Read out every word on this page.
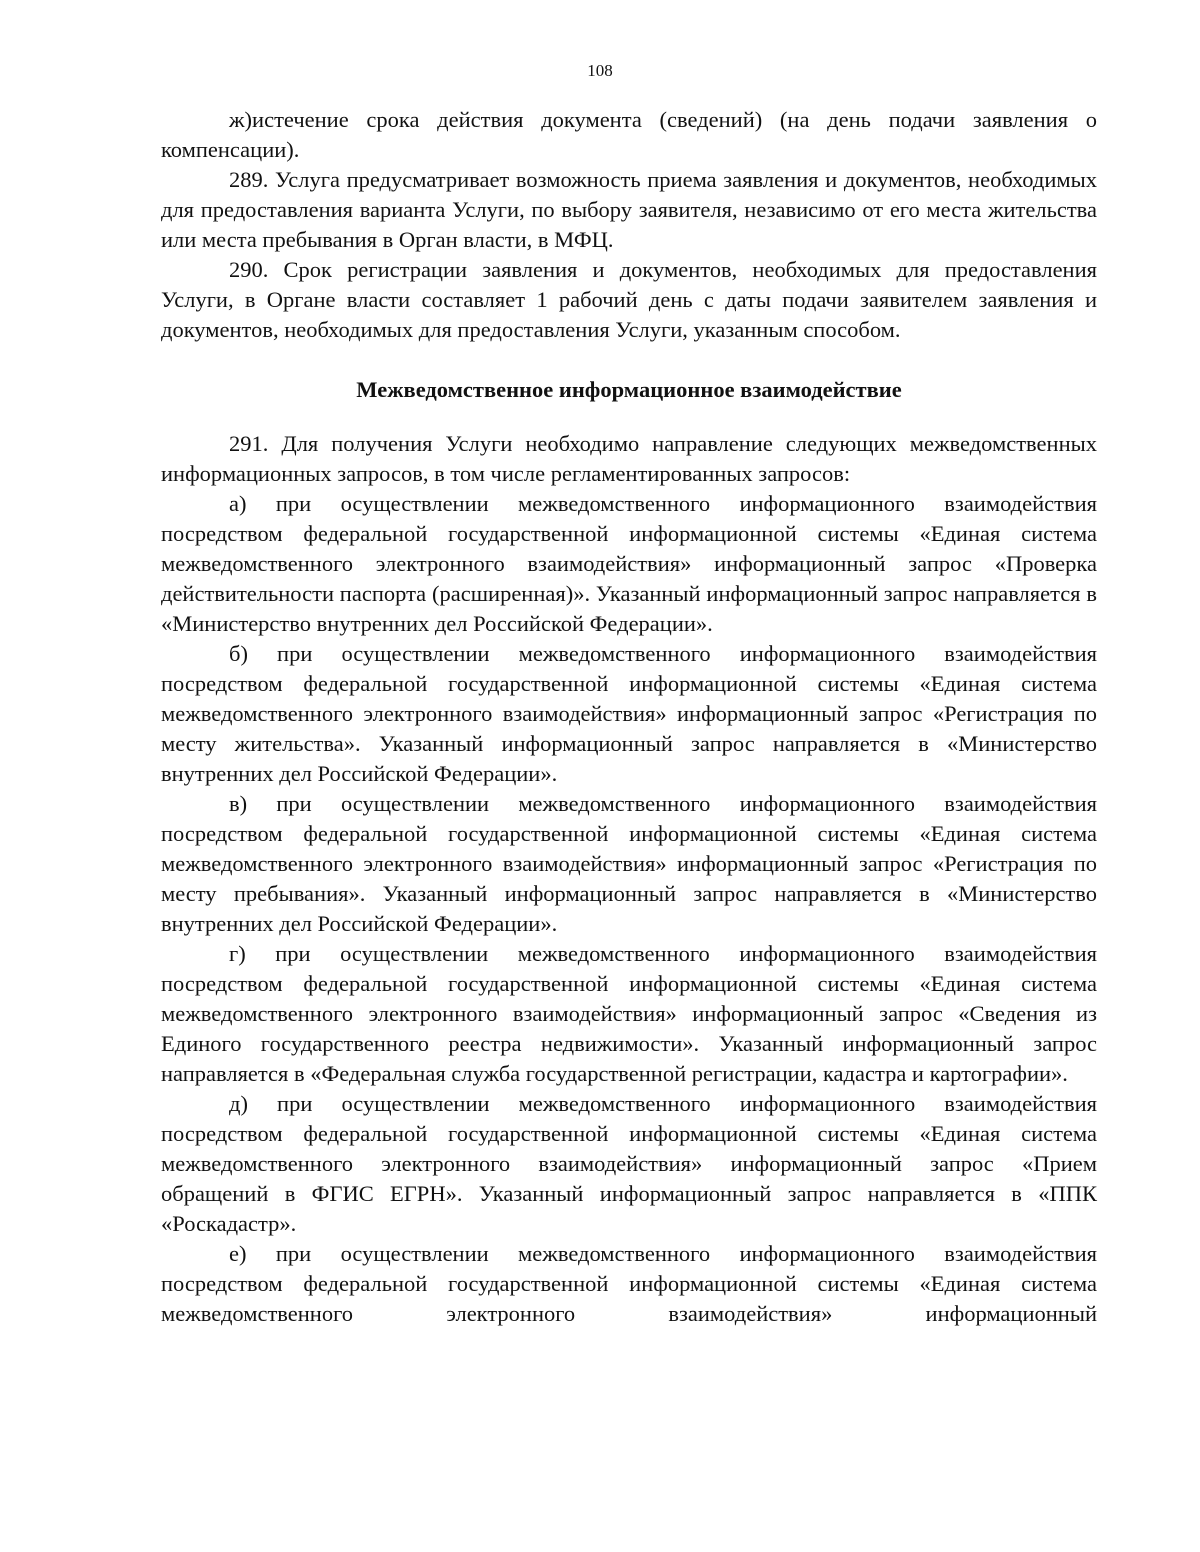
108

ж)истечение срока действия документа (сведений) (на день подачи заявления о компенсации).

289. Услуга предусматривает возможность приема заявления и документов, необходимых для предоставления варианта Услуги, по выбору заявителя, независимо от его места жительства или места пребывания в Орган власти, в МФЦ.

290. Срок регистрации заявления и документов, необходимых для предоставления Услуги, в Органе власти составляет 1 рабочий день с даты подачи заявителем заявления и документов, необходимых для предоставления Услуги, указанным способом.

Межведомственное информационное взаимодействие

291. Для получения Услуги необходимо направление следующих межведомственных информационных запросов, в том числе регламентированных запросов:

а) при осуществлении межведомственного информационного взаимодействия посредством федеральной государственной информационной системы «Единая система межведомственного электронного взаимодействия» информационный запрос «Проверка действительности паспорта (расширенная)». Указанный информационный запрос направляется в «Министерство внутренних дел Российской Федерации».

б) при осуществлении межведомственного информационного взаимодействия посредством федеральной государственной информационной системы «Единая система межведомственного электронного взаимодействия» информационный запрос «Регистрация по месту жительства». Указанный информационный запрос направляется в «Министерство внутренних дел Российской Федерации».

в) при осуществлении межведомственного информационного взаимодействия посредством федеральной государственной информационной системы «Единая система межведомственного электронного взаимодействия» информационный запрос «Регистрация по месту пребывания». Указанный информационный запрос направляется в «Министерство внутренних дел Российской Федерации».

г) при осуществлении межведомственного информационного взаимодействия посредством федеральной государственной информационной системы «Единая система межведомственного электронного взаимодействия» информационный запрос «Сведения из Единого государственного реестра недвижимости». Указанный информационный запрос направляется в «Федеральная служба государственной регистрации, кадастра и картографии».

д) при осуществлении межведомственного информационного взаимодействия посредством федеральной государственной информационной системы «Единая система межведомственного электронного взаимодействия» информационный запрос «Прием обращений в ФГИС ЕГРН». Указанный информационный запрос направляется в «ППК «Роскадастр».

е) при осуществлении межведомственного информационного взаимодействия посредством федеральной государственной информационной системы «Единая система межведомственного электронного взаимодействия» информационный
